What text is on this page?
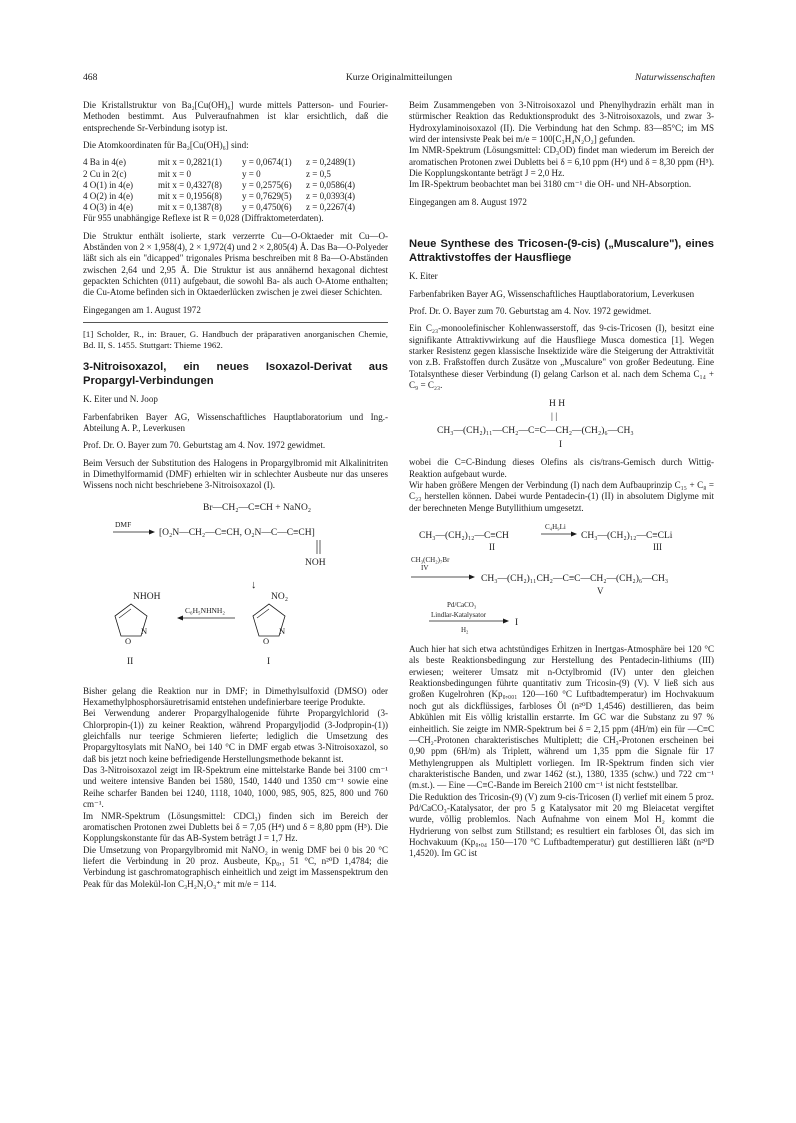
468	Kurze Originalmitteilungen	Naturwissenschaften

Die Kristallstruktur von Ba₂[Cu(OH)₆] wurde mittels Patterson- und Fourier-Methoden bestimmt. Aus Pulveraufnahmen ist klar ersichtlich, daß die entsprechende Sr-Verbindung isotyp ist.

Die Atomkoordinaten für Ba₂[Cu(OH)₆] sind:

4 Ba in 4(e)	mit x = 0,2821(1)	y = 0,0674(1)	z = 0,2489(1)
2 Cu in 2(c)	mit x = 0	y = 0	z = 0,5
4 O(1) in 4(e)	mit x = 0,4327(8)	y = 0,2575(6)	z = 0,0586(4)
4 O(2) in 4(e)	mit x = 0,1956(8)	y = 0,7629(5)	z = 0,0393(4)
4 O(3) in 4(e)	mit x = 0,1387(8)	y = 0,4750(6)	z = 0,2267(4)

Für 955 unabhängige Reflexe ist R = 0,028 (Diffraktometerdaten).

Die Struktur enthält isolierte, stark verzerrte Cu—O-Oktaeder mit Cu—O-Abständen von 2 × 1,958(4), 2 × 1,972(4) und 2 × 2,805(4) Å. Das Ba—O-Polyeder läßt sich als ein "dicapped" trigonales Prisma beschreiben mit 8 Ba—O-Abständen zwischen 2,64 und 2,95 Å. Die Struktur ist aus annähernd hexagonal dichtest gepackten Schichten (011) aufgebaut, die sowohl Ba- als auch O-Atome enthalten; die Cu-Atome befinden sich in Oktaederlücken zwischen je zwei dieser Schichten.

Eingegangen am 1. August 1972

[1] Scholder, R., in: Brauer, G. Handbuch der präparativen anorganischen Chemie, Bd. II, S. 1455. Stuttgart: Thieme 1962.

3-Nitroisoxazol, ein neues Isoxazol-Derivat aus Propargyl-Verbindungen

K. Eiter und N. Joop

Farbenfabriken Bayer AG, Wissenschaftliches Hauptlaboratorium und Ing.-Abteilung A. P., Leverkusen

Prof. Dr. O. Bayer zum 70. Geburtstag am 4. Nov. 1972 gewidmet.

Beim Versuch der Substitution des Halogens in Propargylbromid mit Alkalinitriten in Dimethylformamid (DMF) erhielten wir in schlechter Ausbeute nur das unseres Wissens noch nicht beschriebene 3-Nitroisoxazol (I).

Br—CH₂—C≡CH + NaNO₂
DMF
[O₂N—CH₂—C≡CH, O₂N—C—C≡CH]
NOH
↓
NHOH
O
N
C₆H₅NHNH₂
NO₂
O
N
II	I

Bisher gelang die Reaktion nur in DMF; in Dimethylsulfoxid (DMSO) oder Hexamethylphosphorsäuretrisamid entstehen undefinierbare teerige Produkte.

Bei Verwendung anderer Propargylhalogenide führte Propargylchlorid (3-Chlorpropin-(1)) zu keiner Reaktion, während Propargyljodid (3-Jodpropin-(1)) gleichfalls nur teerige Schmieren lieferte; lediglich die Umsetzung des Propargyltosylats mit NaNO₂ bei 140 °C in DMF ergab etwas 3-Nitroisoxazol, so daß bis jetzt noch keine befriedigende Herstellungsmethode bekannt ist.

Das 3-Nitroisoxazol zeigt im IR-Spektrum eine mittelstarke Bande bei 3100 cm⁻¹ und weitere intensive Banden bei 1580, 1540, 1440 und 1350 cm⁻¹ sowie eine Reihe scharfer Banden bei 1240, 1118, 1040, 1000, 985, 905, 825, 800 und 760 cm⁻¹.

Im NMR-Spektrum (Lösungsmittel: CDCl₃) finden sich im Bereich der aromatischen Protonen zwei Dubletts bei δ = 7,05 (H⁴) und δ = 8,80 ppm (H⁵). Die Kopplungskonstante für das AB-System beträgt J = 1,7 Hz.

Die Umsetzung von Propargylbromid mit NaNO₂ in wenig DMF bei 0 bis 20 °C liefert die Verbindung in 20 proz. Ausbeute, Kp₀,₁ 51 °C, n²⁰D 1,4784; die Verbindung ist gaschromatographisch einheitlich und zeigt im Massenspektrum den Peak für das Molekül-Ion C₃H₂N₂O₃⁺ mit m/e = 114.

Beim Zusammengeben von 3-Nitroisoxazol und Phenylhydrazin erhält man in stürmischer Reaktion das Reduktionsprodukt des 3-Nitroisoxazols, und zwar 3-Hydroxylaminoisoxazol (II). Die Verbindung hat den Schmp. 83—85°C; im MS wird der intensivste Peak bei m/e = 100[C₃H₄N₂O₂] gefunden.

Im NMR-Spektrum (Lösungsmittel: CD₃OD) findet man wiederum im Bereich der aromatischen Protonen zwei Dubletts bei δ = 6,10 ppm (H⁴) und δ = 8,30 ppm (H⁵). Die Kopplungskontante beträgt J = 2,0 Hz.

Im IR-Spektrum beobachtet man bei 3180 cm⁻¹ die OH- und NH-Absorption.

Eingegangen am 8. August 1972

Neue Synthese des Tricosen-(9-cis) („Muscalure"), eines Attraktivstoffes der Hausfliege

K. Eiter

Farbenfabriken Bayer AG, Wissenschaftliches Hauptlaboratorium, Leverkusen

Prof. Dr. O. Bayer zum 70. Geburtstag am 4. Nov. 1972 gewidmet.

Ein C₂₃-monoolefinischer Kohlenwasserstoff, das 9-cis-Tricosen (I), besitzt eine signifikante Attraktivwirkung auf die Hausfliege Musca domestica [1]. Wegen starker Resistenz gegen klassische Insektizide wäre die Steigerung der Attraktivität von z.B. Fraßstoffen durch Zusätze von „Muscalure" von großer Bedeutung. Eine Totalsynthese dieser Verbindung (I) gelang Carlson et al. nach dem Schema C₁₄ + C₉ = C₂₃.

H H
| |
CH₃—(CH₂)₁₁—CH₂—C=C—CH₂—(CH₂)₆—CH₃
I

wobei die C=C-Bindung dieses Olefins als cis/trans-Gemisch durch Wittig-Reaktion aufgebaut wurde.

Wir haben größere Mengen der Verbindung (I) nach dem Aufbauprinzip C₁₅ + C₈ = C₂₃ herstellen können. Dabei wurde Pentadecin-(1) (II) in absolutem Diglyme mit der berechneten Menge Butyllithium umgesetzt.

CH₃—(CH₂)₁₂—C≡CH
C₄H₉Li
CH₃—(CH₂)₁₂—C≡CLi
II	III
CH₃(CH₂)₇Br
IV
CH₃—(CH₂)₁₁CH₂—C≡C—CH₂—(CH₂)₆—CH₃
V
Pd/CaCO₃
Lindlar-Katalysator
H₂
I

Auch hier hat sich etwa achtstündiges Erhitzen in Inertgas-Atmosphäre bei 120 °C als beste Reaktionsbedingung zur Herstellung des Pentadecin-lithiums (III) erwiesen; weiterer Umsatz mit n-Octylbromid (IV) unter den gleichen Reaktionsbedingungen führte quantitativ zum Tricosin-(9) (V). V ließ sich aus großen Kugelrohren (Kp₀,₀₀₁ 120—160 °C Luftbadtemperatur) im Hochvakuum noch gut als dickflüssiges, farbloses Öl (n²⁰D 1,4546) destillieren, das beim Abkühlen mit Eis völlig kristallin erstarrte. Im GC war die Substanz zu 97 % einheitlich. Sie zeigte im NMR-Spektrum bei δ = 2,15 ppm (4H/m) ein für —C≡C—CH₂-Protonen charakteristisches Multiplett; die CH₃-Protonen erscheinen bei 0,90 ppm (6H/m) als Triplett, während um 1,35 ppm die Signale für 17 Methylengruppen als Multiplett vorliegen. Im IR-Spektrum finden sich vier charakteristische Banden, und zwar 1462 (st.), 1380, 1335 (schw.) und 722 cm⁻¹ (m.st.). — Eine —C≡C-Bande im Bereich 2100 cm⁻¹ ist nicht feststellbar.

Die Reduktion des Tricosin-(9) (V) zum 9-cis-Tricosen (I) verlief mit einem 5 proz. Pd/CaCO₃-Katalysator, der pro 5 g Katalysator mit 20 mg Bleiacetat vergiftet wurde, völlig problemlos. Nach Aufnahme von einem Mol H₂ kommt die Hydrierung von selbst zum Stillstand; es resultiert ein farbloses Öl, das sich im Hochvakuum (Kp₀,₀₄ 150—170 °C Luftbadtemperatur) gut destillieren läßt (n²⁰D 1,4520). Im GC ist
